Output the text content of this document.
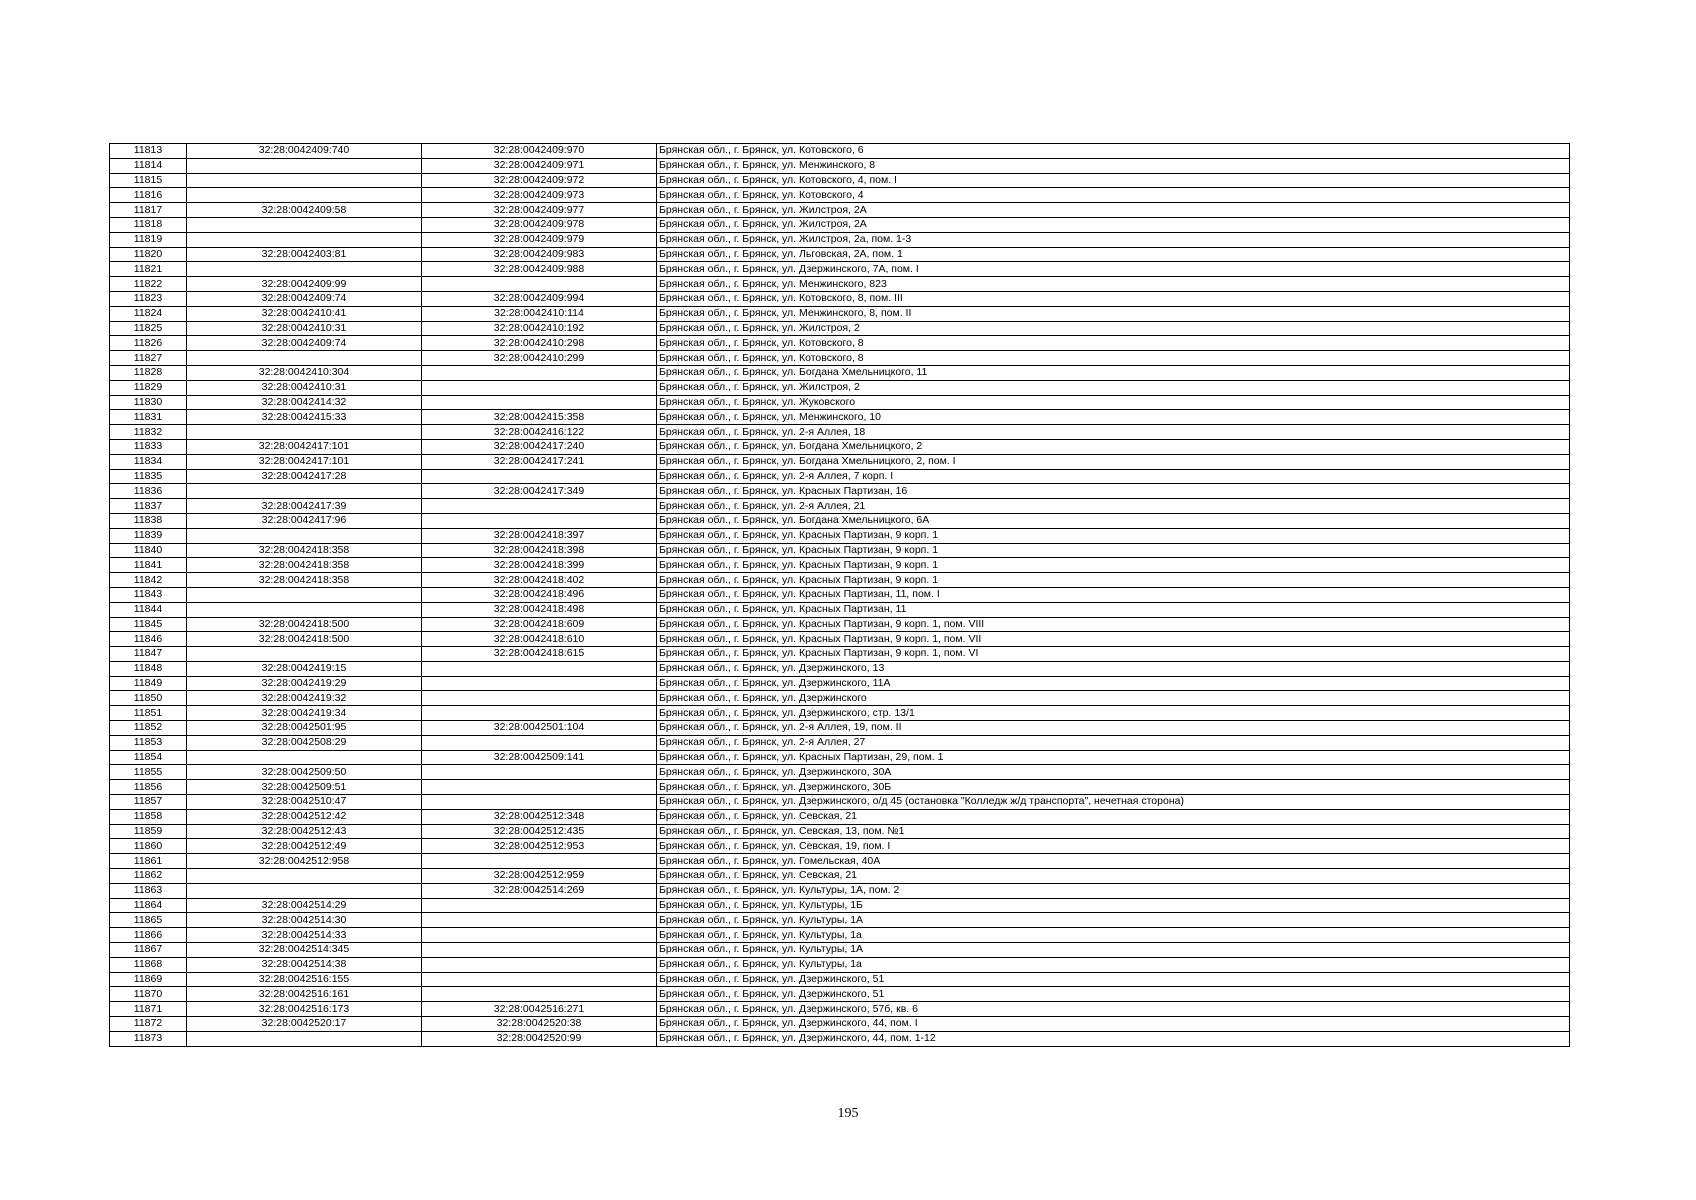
11813	32:28:0042409:740	32:28:0042409:970	Брянская обл., г. Брянск, ул. Котовского, 6
11814		32:28:0042409:971	Брянская обл., г. Брянск, ул. Менжинского, 8
11815		32:28:0042409:972	Брянская обл., г. Брянск, ул. Котовского, 4, пом. I
11816		32:28:0042409:973	Брянская обл., г. Брянск, ул. Котовского, 4
11817	32:28:0042409:58	32:28:0042409:977	Брянская обл., г. Брянск, ул. Жилстроя, 2А
11818		32:28:0042409:978	Брянская обл., г. Брянск, ул. Жилстроя, 2А
11819		32:28:0042409:979	Брянская обл., г. Брянск, ул. Жилстроя, 2а, пом. 1-3
11820	32:28:0042403:81	32:28:0042409:983	Брянская обл., г. Брянск, ул. Льговская, 2А, пом. 1
11821		32:28:0042409:988	Брянская обл., г. Брянск, ул. Дзержинского, 7А, пом. I
11822	32:28:0042409:99		Брянская обл., г. Брянск, ул. Менжинского, 823
11823	32:28:0042409:74	32:28:0042409:994	Брянская обл., г. Брянск, ул. Котовского, 8, пом. III
11824	32:28:0042410:41	32:28:0042410:114	Брянская обл., г. Брянск, ул. Менжинского, 8, пом. II
11825	32:28:0042410:31	32:28:0042410:192	Брянская обл., г. Брянск, ул. Жилстроя, 2
11826	32:28:0042409:74	32:28:0042410:298	Брянская обл., г. Брянск, ул. Котовского, 8
11827		32:28:0042410:299	Брянская обл., г. Брянск, ул. Котовского, 8
11828	32:28:0042410:304		Брянская обл., г. Брянск, ул. Богдана Хмельницкого, 11
11829	32:28:0042410:31		Брянская обл., г. Брянск, ул. Жилстроя, 2
11830	32:28:0042414:32		Брянская обл., г. Брянск, ул. Жуковского
11831	32:28:0042415:33	32:28:0042415:358	Брянская обл., г. Брянск, ул. Менжинского, 10
11832		32:28:0042416:122	Брянская обл., г. Брянск, ул. 2-я Аллея, 18
11833	32:28:0042417:101	32:28:0042417:240	Брянская обл., г. Брянск, ул. Богдана Хмельницкого, 2
11834	32:28:0042417:101	32:28:0042417:241	Брянская обл., г. Брянск, ул. Богдана Хмельницкого, 2, пом. I
11835	32:28:0042417:28		Брянская обл., г. Брянск, ул. 2-я Аллея, 7 корп. I
11836		32:28:0042417:349	Брянская обл., г. Брянск, ул. Красных Партизан, 16
11837	32:28:0042417:39		Брянская обл., г. Брянск, ул. 2-я Аллея, 21
11838	32:28:0042417:96		Брянская обл., г. Брянск, ул. Богдана Хмельницкого, 6А
11839		32:28:0042418:397	Брянская обл., г. Брянск, ул. Красных Партизан, 9 корп. 1
11840	32:28:0042418:358	32:28:0042418:398	Брянская обл., г. Брянск, ул. Красных Партизан, 9 корп. 1
11841	32:28:0042418:358	32:28:0042418:399	Брянская обл., г. Брянск, ул. Красных Партизан, 9 корп. 1
11842	32:28:0042418:358	32:28:0042418:402	Брянская обл., г. Брянск, ул. Красных Партизан, 9 корп. 1
11843		32:28:0042418:496	Брянская обл., г. Брянск, ул. Красных Партизан, 11, пом. I
11844		32:28:0042418:498	Брянская обл., г. Брянск, ул. Красных Партизан, 11
11845	32:28:0042418:500	32:28:0042418:609	Брянская обл., г. Брянск, ул. Красных Партизан, 9 корп. 1, пом. VIII
11846	32:28:0042418:500	32:28:0042418:610	Брянская обл., г. Брянск, ул. Красных Партизан, 9 корп. 1, пом. VII
11847		32:28:0042418:615	Брянская обл., г. Брянск, ул. Красных Партизан, 9 корп. 1, пом. VI
11848	32:28:0042419:15		Брянская обл., г. Брянск, ул. Дзержинского, 13
11849	32:28:0042419:29		Брянская обл., г. Брянск, ул. Дзержинского, 11А
11850	32:28:0042419:32		Брянская обл., г. Брянск, ул. Дзержинского
11851	32:28:0042419:34		Брянская обл., г. Брянск, ул. Дзержинского, стр. 13/1
11852	32:28:0042501:95	32:28:0042501:104	Брянская обл., г. Брянск, ул. 2-я Аллея, 19, пом. II
11853	32:28:0042508:29		Брянская обл., г. Брянск, ул. 2-я Аллея, 27
11854		32:28:0042509:141	Брянская обл., г. Брянск, ул. Красных Партизан, 29, пом. 1
11855	32:28:0042509:50		Брянская обл., г. Брянск, ул. Дзержинского, 30А
11856	32:28:0042509:51		Брянская обл., г. Брянск, ул. Дзержинского, 30Б
11857	32:28:0042510:47		Брянская обл., г. Брянск, ул. Дзержинского, о/д 45 (остановка "Колледж ж/д транспорта", нечетная сторона)
11858	32:28:0042512:42	32:28:0042512:348	Брянская обл., г. Брянск, ул. Севская, 21
11859	32:28:0042512:43	32:28:0042512:435	Брянская обл., г. Брянск, ул. Севская, 13, пом. №1
11860	32:28:0042512:49	32:28:0042512:953	Брянская обл., г. Брянск, ул. Севская, 19, пом. I
11861	32:28:0042512:958		Брянская обл., г. Брянск, ул. Гомельская, 40А
11862		32:28:0042512:959	Брянская обл., г. Брянск, ул. Севская, 21
11863		32:28:0042514:269	Брянская обл., г. Брянск, ул. Культуры, 1А, пом. 2
11864	32:28:0042514:29		Брянская обл., г. Брянск, ул. Культуры, 1Б
11865	32:28:0042514:30		Брянская обл., г. Брянск, ул. Культуры, 1А
11866	32:28:0042514:33		Брянская обл., г. Брянск, ул. Культуры, 1а
11867	32:28:0042514:345		Брянская обл., г. Брянск, ул. Культуры, 1А
11868	32:28:0042514:38		Брянская обл., г. Брянск, ул. Культуры, 1а
11869	32:28:0042516:155		Брянская обл., г. Брянск, ул. Дзержинского, 51
11870	32:28:0042516:161		Брянская обл., г. Брянск, ул. Дзержинского, 51
11871	32:28:0042516:173	32:28:0042516:271	Брянская обл., г. Брянск, ул. Дзержинского, 57б, кв. 6
11872	32:28:0042520:17	32:28:0042520:38	Брянская обл., г. Брянск, ул. Дзержинского, 44, пом. I
11873		32:28:0042520:99	Брянская обл., г. Брянск, ул. Дзержинского, 44, пом. 1-12
195
